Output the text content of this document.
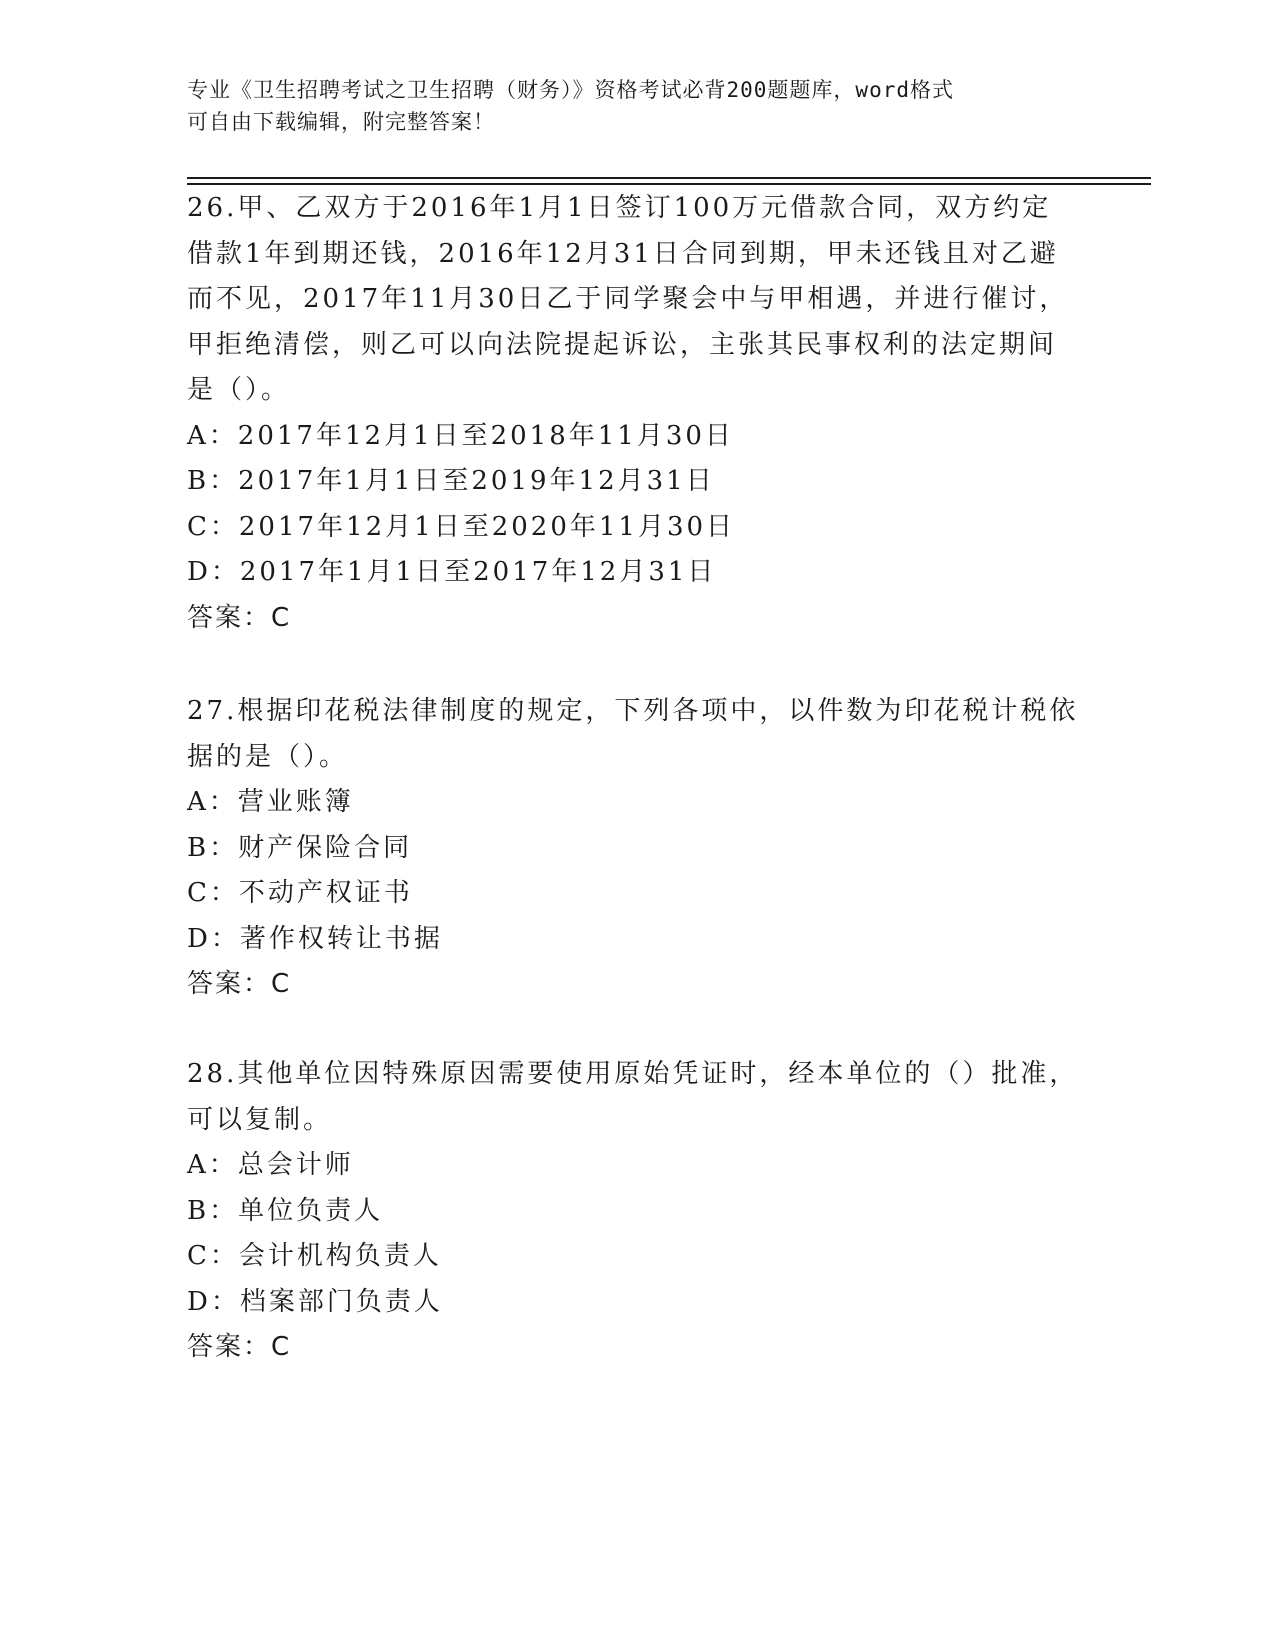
专业《卫生招聘考试之卫生招聘（财务）》资格考试必背200题题库，word格式
可自由下载编辑，附完整答案！
26.甲、乙双方于2016年1月1日签订100万元借款合同，双方约定
借款1年到期还钱，2016年12月31日合同到期，甲未还钱且对乙避
而不见，2017年11月30日乙于同学聚会中与甲相遇，并进行催讨，
甲拒绝清偿，则乙可以向法院提起诉讼，主张其民事权利的法定期间
是（）。
A：2017年12月1日至2018年11月30日
B：2017年1月1日至2019年12月31日
C：2017年12月1日至2020年11月30日
D：2017年1月1日至2017年12月31日
答案：C
27.根据印花税法律制度的规定，下列各项中，以件数为印花税计税依
据的是（）。
A：营业账簿
B：财产保险合同
C：不动产权证书
D：著作权转让书据
答案：C
28.其他单位因特殊原因需要使用原始凭证时，经本单位的（）批准，
可以复制。
A：总会计师
B：单位负责人
C：会计机构负责人
D：档案部门负责人
答案：C
